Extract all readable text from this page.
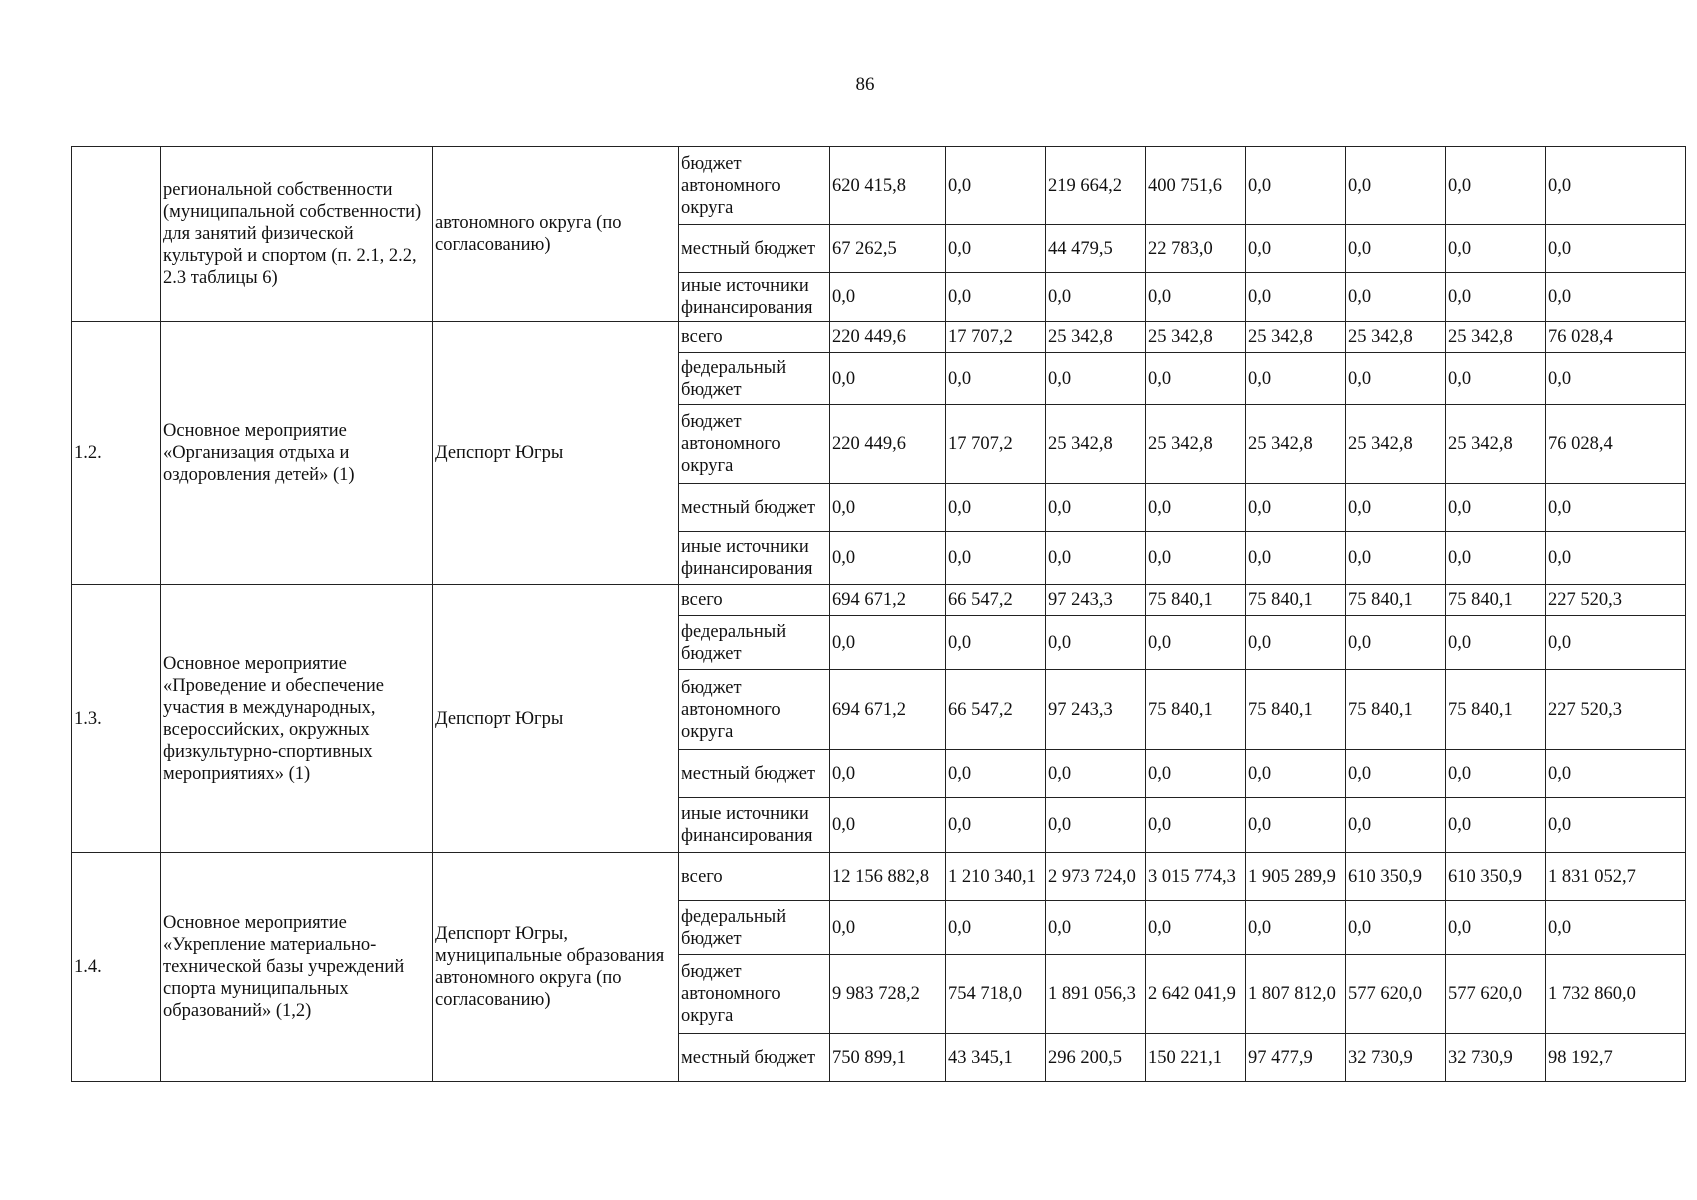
86
	региональной собственности (муниципальной собственности) для занятий физической культурой и спортом (п. 2.1, 2.2, 2.3 таблицы 6)	автономного округа (по согласованию)	бюджет автономного округа	620 415,8	0,0	219 664,2	400 751,6	0,0	0,0	0,0	0,0
			местный бюджет	67 262,5	0,0	44 479,5	22 783,0	0,0	0,0	0,0	0,0
			иные источники финансирования	0,0	0,0	0,0	0,0	0,0	0,0	0,0	0,0
1.2.	Основное мероприятие «Организация отдыха и оздоровления детей» (1)	Депспорт Югры	всего	220 449,6	17 707,2	25 342,8	25 342,8	25 342,8	25 342,8	25 342,8	76 028,4
			федеральный бюджет	0,0	0,0	0,0	0,0	0,0	0,0	0,0	0,0
			бюджет автономного округа	220 449,6	17 707,2	25 342,8	25 342,8	25 342,8	25 342,8	25 342,8	76 028,4
			местный бюджет	0,0	0,0	0,0	0,0	0,0	0,0	0,0	0,0
			иные источники финансирования	0,0	0,0	0,0	0,0	0,0	0,0	0,0	0,0
1.3.	Основное мероприятие «Проведение и обеспечение участия в международных, всероссийских, окружных физкультурно-спортивных мероприятиях» (1)	Депспорт Югры	всего	694 671,2	66 547,2	97 243,3	75 840,1	75 840,1	75 840,1	75 840,1	227 520,3
			федеральный бюджет	0,0	0,0	0,0	0,0	0,0	0,0	0,0	0,0
			бюджет автономного округа	694 671,2	66 547,2	97 243,3	75 840,1	75 840,1	75 840,1	75 840,1	227 520,3
			местный бюджет	0,0	0,0	0,0	0,0	0,0	0,0	0,0	0,0
			иные источники финансирования	0,0	0,0	0,0	0,0	0,0	0,0	0,0	0,0
1.4.	Основное мероприятие «Укрепление материально-технической базы учреждений спорта муниципальных образований» (1,2)	Депспорт Югры, муниципальные образования автономного округа (по согласованию)	всего	12 156 882,8	1 210 340,1	2 973 724,0	3 015 774,3	1 905 289,9	610 350,9	610 350,9	1 831 052,7
			федеральный бюджет	0,0	0,0	0,0	0,0	0,0	0,0	0,0	0,0
			бюджет автономного округа	9 983 728,2	754 718,0	1 891 056,3	2 642 041,9	1 807 812,0	577 620,0	577 620,0	1 732 860,0
			местный бюджет	750 899,1	43 345,1	296 200,5	150 221,1	97 477,9	32 730,9	32 730,9	98 192,7
